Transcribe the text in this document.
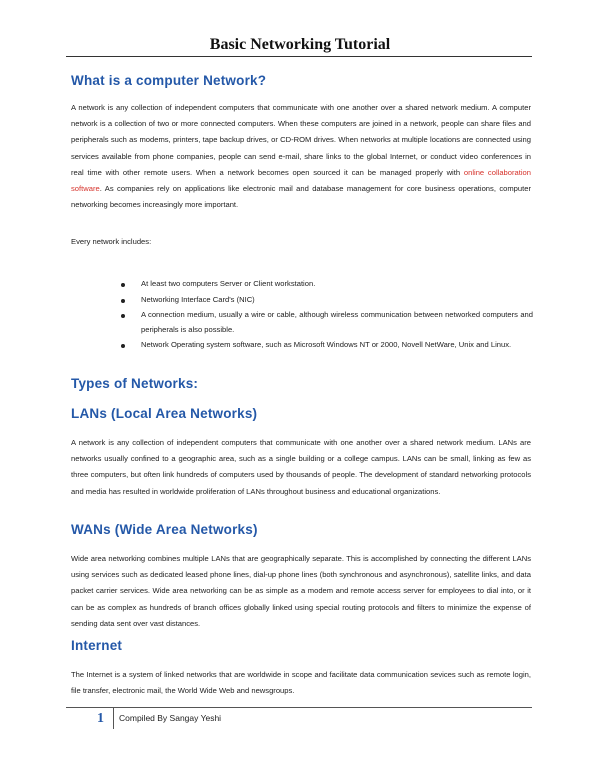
Basic Networking Tutorial
What is a computer Network?

A network is any collection of independent computers that communicate with one another over a shared network medium. A computer network is a collection of two or more connected computers. When these computers are joined in a network, people can share files and peripherals such as modems, printers, tape backup drives, or CD-ROM drives. When networks at multiple locations are connected using services available from phone companies, people can send e-mail, share links to the global Internet, or conduct video conferences in real time with other remote users. When a network becomes open sourced it can be managed properly with online collaboration software. As companies rely on applications like electronic mail and database management for core business operations, computer networking becomes increasingly more important.

Every network includes:

At least two computers Server or Client workstation.
Networking Interface Card's (NIC)
A connection medium, usually a wire or cable, although wireless communication between networked computers and peripherals is also possible.
Network Operating system software, such as Microsoft Windows NT or 2000, Novell NetWare, Unix and Linux.
Types of Networks:
LANs (Local Area Networks)

A network is any collection of independent computers that communicate with one another over a shared network medium. LANs are networks usually confined to a geographic area, such as a single building or a college campus. LANs can be small, linking as few as three computers, but often link hundreds of computers used by thousands of people. The development of standard networking protocols and media has resulted in worldwide proliferation of LANs throughout business and educational organizations.

WANs (Wide Area Networks)

Wide area networking combines multiple LANs that are geographically separate. This is accomplished by connecting the different LANs using services such as dedicated leased phone lines, dial-up phone lines (both synchronous and asynchronous), satellite links, and data packet carrier services. Wide area networking can be as simple as a modem and remote access server for employees to dial into, or it can be as complex as hundreds of branch offices globally linked using special routing protocols and filters to minimize the expense of sending data sent over vast distances.

Internet

The Internet is a system of linked networks that are worldwide in scope and facilitate data communication sevices such as remote login, file transfer, electronic mail, the World Wide Web and newsgroups.

1 Compiled By Sangay Yeshi
